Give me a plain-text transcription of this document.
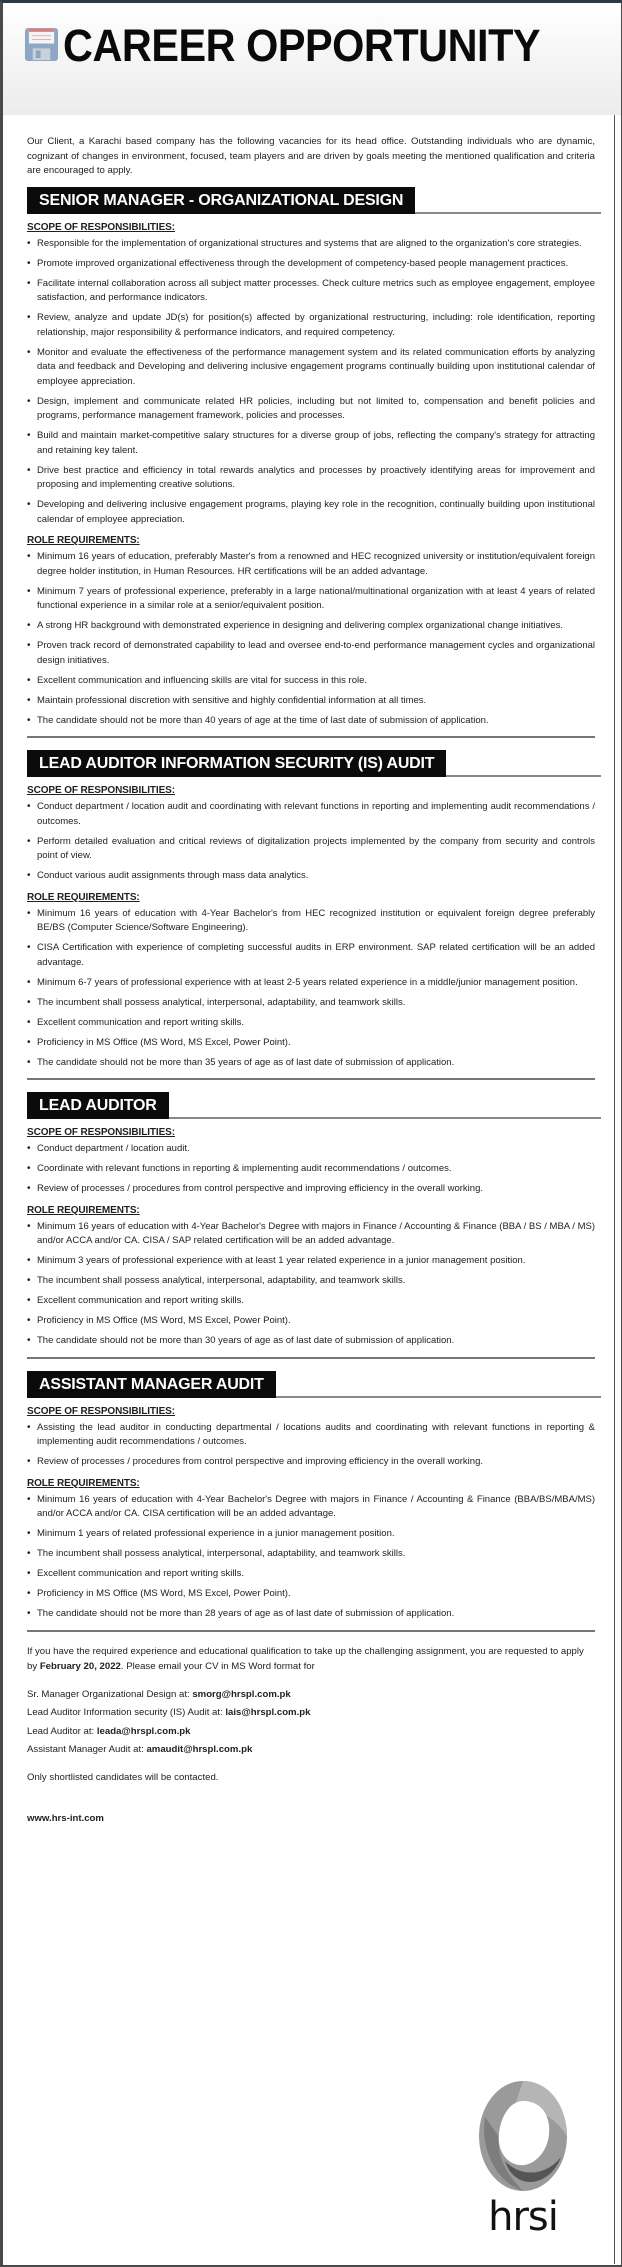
CAREER OPPORTUNITY

Our Client, a Karachi based company has the following vacancies for its head office. Outstanding individuals who are dynamic, cognizant of changes in environment, focused, team players and are driven by goals meeting the mentioned qualification and criteria are encouraged to apply.

SENIOR MANAGER - ORGANIZATIONAL DESIGN
SCOPE OF RESPONSIBILITIES:
• Responsible for the implementation of organizational structures and systems that are aligned to the organization's core strategies.
• Promote improved organizational effectiveness through the development of competency-based people management practices.
• Facilitate internal collaboration across all subject matter processes. Check culture metrics such as employee engagement, employee satisfaction, and performance indicators.
• Review, analyze and update JD(s) for position(s) affected by organizational restructuring, including: role identification, reporting relationship, major responsibility & performance indicators, and required competency.
• Monitor and evaluate the effectiveness of the performance management system and its related communication efforts by analyzing data and feedback and Developing and delivering inclusive engagement programs continually building upon institutional calendar of employee appreciation.
• Design, implement and communicate related HR policies, including but not limited to, compensation and benefit policies and programs, performance management framework, policies and processes.
• Build and maintain market-competitive salary structures for a diverse group of jobs, reflecting the company's strategy for attracting and retaining key talent.
• Drive best practice and efficiency in total rewards analytics and processes by proactively identifying areas for improvement and proposing and implementing creative solutions.
• Developing and delivering inclusive engagement programs, playing key role in the recognition, continually building upon institutional calendar of employee appreciation.
ROLE REQUIREMENTS:
• Minimum 16 years of education, preferably Master's from a renowned and HEC recognized university or institution/equivalent foreign degree holder institution, in Human Resources. HR certifications will be an added advantage.
• Minimum 7 years of professional experience, preferably in a large national/multinational organization with at least 4 years of related functional experience in a similar role at a senior/equivalent position.
• A strong HR background with demonstrated experience in designing and delivering complex organizational change initiatives.
• Proven track record of demonstrated capability to lead and oversee end-to-end performance management cycles and organizational design initiatives.
• Excellent communication and influencing skills are vital for success in this role.
• Maintain professional discretion with sensitive and highly confidential information at all times.
• The candidate should not be more than 40 years of age at the time of last date of submission of application.
LEAD AUDITOR INFORMATION SECURITY (IS) AUDIT
SCOPE OF RESPONSIBILITIES:
• Conduct department / location audit and coordinating with relevant functions in reporting and implementing audit recommendations / outcomes.
• Perform detailed evaluation and critical reviews of digitalization projects implemented by the company from security and controls point of view.
• Conduct various audit assignments through mass data analytics.
ROLE REQUIREMENTS:
• Minimum 16 years of education with 4-Year Bachelor's from HEC recognized institution or equivalent foreign degree preferably BE/BS (Computer Science/Software Engineering).
• CISA Certification with experience of completing successful audits in ERP environment. SAP related certification will be an added advantage.
• Minimum 6-7 years of professional experience with at least 2-5 years related experience in a middle/junior management position.
• The incumbent shall possess analytical, interpersonal, adaptability, and teamwork skills.
• Excellent communication and report writing skills.
• Proficiency in MS Office (MS Word, MS Excel, Power Point).
• The candidate should not be more than 35 years of age as of last date of submission of application.
LEAD AUDITOR
SCOPE OF RESPONSIBILITIES:
• Conduct department / location audit.
• Coordinate with relevant functions in reporting & implementing audit recommendations / outcomes.
• Review of processes / procedures from control perspective and improving efficiency in the overall working.
ROLE REQUIREMENTS:
• Minimum 16 years of education with 4-Year Bachelor's Degree with majors in Finance / Accounting & Finance (BBA / BS / MBA / MS) and/or ACCA and/or CA. CISA / SAP related certification will be an added advantage.
• Minimum 3 years of professional experience with at least 1 year related experience in a junior management position.
• The incumbent shall possess analytical, interpersonal, adaptability, and teamwork skills.
• Excellent communication and report writing skills.
• Proficiency in MS Office (MS Word, MS Excel, Power Point).
• The candidate should not be more than 30 years of age as of last date of submission of application.
ASSISTANT MANAGER AUDIT
SCOPE OF RESPONSIBILITIES:
• Assisting the lead auditor in conducting departmental / locations audits and coordinating with relevant functions in reporting & implementing audit recommendations / outcomes.
• Review of processes / procedures from control perspective and improving efficiency in the overall working.
ROLE REQUIREMENTS:
• Minimum 16 years of education with 4-Year Bachelor's Degree with majors in Finance / Accounting & Finance (BBA/BS/MBA/MS) and/or ACCA and/or CA. CISA certification will be an added advantage.
• Minimum 1 years of related professional experience in a junior management position.
• The incumbent shall possess analytical, interpersonal, adaptability, and teamwork skills.
• Excellent communication and report writing skills.
• Proficiency in MS Office (MS Word, MS Excel, Power Point).
• The candidate should not be more than 28 years of age as of last date of submission of application.

If you have the required experience and educational qualification to take up the challenging assignment, you are requested to apply by February 20, 2022. Please email your CV in MS Word format for

Sr. Manager Organizational Design at: smorg@hrspl.com.pk
Lead Auditor Information security (IS) Audit at: lais@hrspl.com.pk
Lead Auditor at: leada@hrspl.com.pk
Assistant Manager Audit at: amaudit@hrspl.com.pk

Only shortlisted candidates will be contacted.

www.hrs-int.com

hrsi
